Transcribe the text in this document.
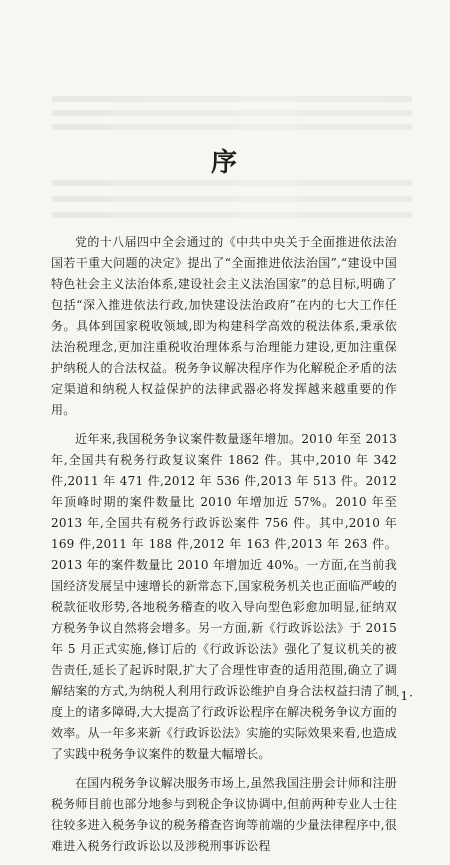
序

党的十八届四中全会通过的《中共中央关于全面推进依法治国若干重大问题的决定》提出了“全面推进依法治国”,“建设中国特色社会主义法治体系,建设社会主义法治国家”的总目标,明确了包括“深入推进依法行政,加快建设法治政府”在内的七大工作任务。具体到国家税收领域,即为构建科学高效的税法体系,秉承依法治税理念,更加注重税收治理体系与治理能力建设,更加注重保护纳税人的合法权益。税务争议解决程序作为化解税企矛盾的法定渠道和纳税人权益保护的法律武器必将发挥越来越重要的作用。

近年来,我国税务争议案件数量逐年增加。2010 年至 2013 年,全国共有税务行政复议案件 1862 件。其中,2010 年 342 件,2011 年 471 件,2012 年 536 件,2013 年 513 件。2012 年顶峰时期的案件数量比 2010 年增加近 57%。2010 年至 2013 年,全国共有税务行政诉讼案件 756 件。其中,2010 年 169 件,2011 年 188 件,2012 年 163 件,2013 年 263 件。2013 年的案件数量比 2010 年增加近 40%。一方面,在当前我国经济发展呈中速增长的新常态下,国家税务机关也正面临严峻的税款征收形势,各地税务稽查的收入导向型色彩愈加明显,征纳双方税务争议自然将会增多。另一方面,新《行政诉讼法》于 2015 年 5 月正式实施,修订后的《行政诉讼法》强化了复议机关的被告责任,延长了起诉时限,扩大了合理性审查的适用范围,确立了调解结案的方式,为纳税人利用行政诉讼维护自身合法权益扫清了制度上的诸多障碍,大大提高了行政诉讼程序在解决税务争议方面的效率。从一年多来新《行政诉讼法》实施的实际效果来看,也造成了实践中税务争议案件的数量大幅增长。

在国内税务争议解决服务市场上,虽然我国注册会计师和注册税务师目前也部分地参与到税企争议协调中,但前两种专业人士往往较多进入税务争议的税务稽查咨询等前端的少量法律程序中,很难进入税务行政诉讼以及涉税刑事诉讼程

·1·
